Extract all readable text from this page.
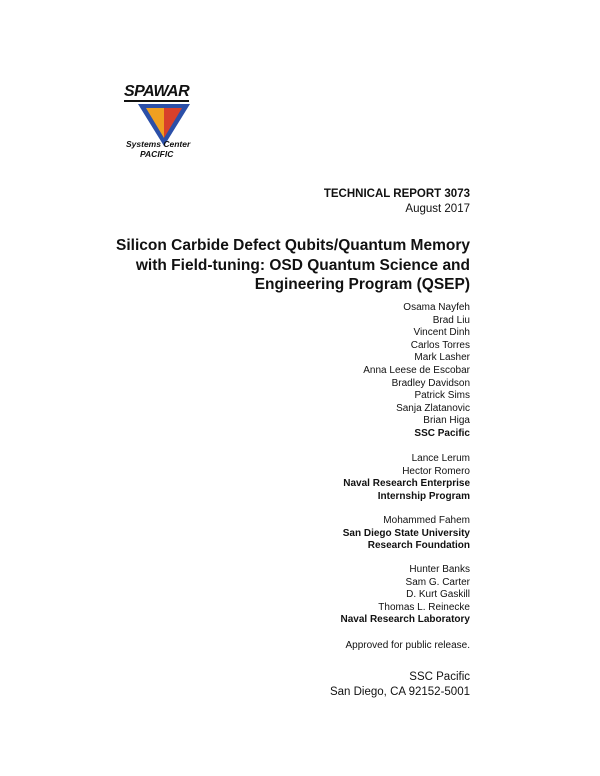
SPAWAR
Systems Center
PACIFIC
TECHNICAL REPORT 3073
August 2017
Silicon Carbide Defect Qubits/Quantum Memory
with Field-tuning: OSD Quantum Science and
Engineering Program (QSEP)
Osama Nayfeh
Brad Liu
Vincent Dinh
Carlos Torres
Mark Lasher
Anna Leese de Escobar
Bradley Davidson
Patrick Sims
Sanja Zlatanovic
Brian Higa
SSC Pacific
Lance Lerum
Hector Romero
Naval Research Enterprise
Internship Program
Mohammed Fahem
San Diego State University
Research Foundation
Hunter Banks
Sam G. Carter
D. Kurt Gaskill
Thomas L. Reinecke
Naval Research Laboratory
Approved for public release.
SSC Pacific
San Diego, CA 92152-5001
